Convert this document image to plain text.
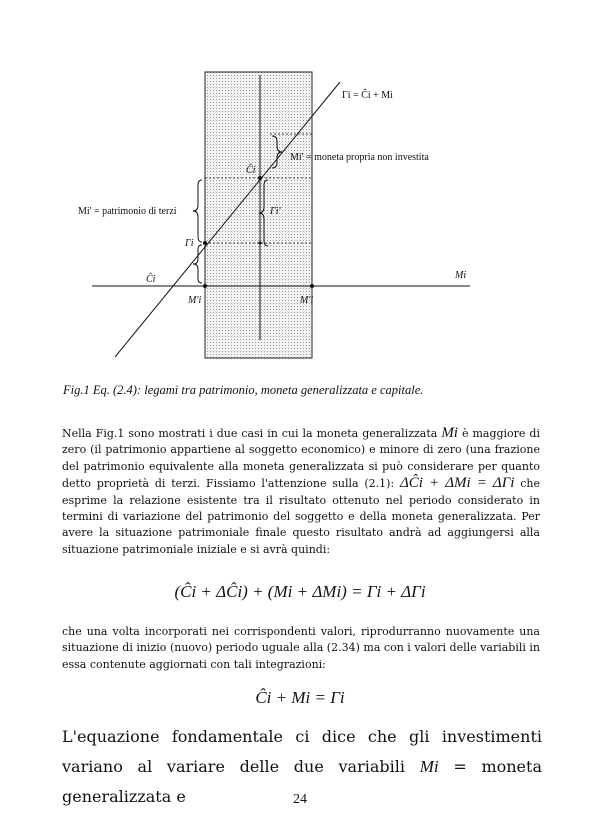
Γi = Ĉi + Mi
Mi' = moneta propria non investita
Ĉi
Γi'
Mi' = patrimonio di terzi
Γi
Ĉi	Mi
M'i	M'i
Fig.1 Eq. (2.4): legami tra patrimonio, moneta generalizzata e capitale.

Nella Fig.1 sono mostrati i due casi in cui la moneta generalizzata Mi è maggiore di zero (il patrimonio appartiene al soggetto economico) e minore di zero (una frazione del patrimonio equivalente alla moneta generalizzata si può considerare per quanto detto proprietà di terzi. Fissiamo l'attenzione sulla (2.1): ΔĈi + ΔMi = ΔΓi che esprime la relazione esistente tra il risultato ottenuto nel periodo considerato in termini di variazione del patrimonio del soggetto e della moneta generalizzata. Per avere la situazione patrimoniale finale questo risultato andrà ad aggiungersi alla situazione patrimoniale iniziale e si avrà quindi:

(Ĉi + ΔĈi) + (Mi + ΔMi) = Γi + ΔΓi

che una volta incorporati nei corrispondenti valori, riprodurranno nuovamente una situazione di inizio (nuovo) periodo uguale alla (2.34) ma con i valori delle variabili in essa contenute aggiornati con tali integrazioni:

Ĉi + Mi = Γi

L'equazione fondamentale ci dice che gli investimenti variano al variare delle due variabili Mi = moneta generalizzata e	24
